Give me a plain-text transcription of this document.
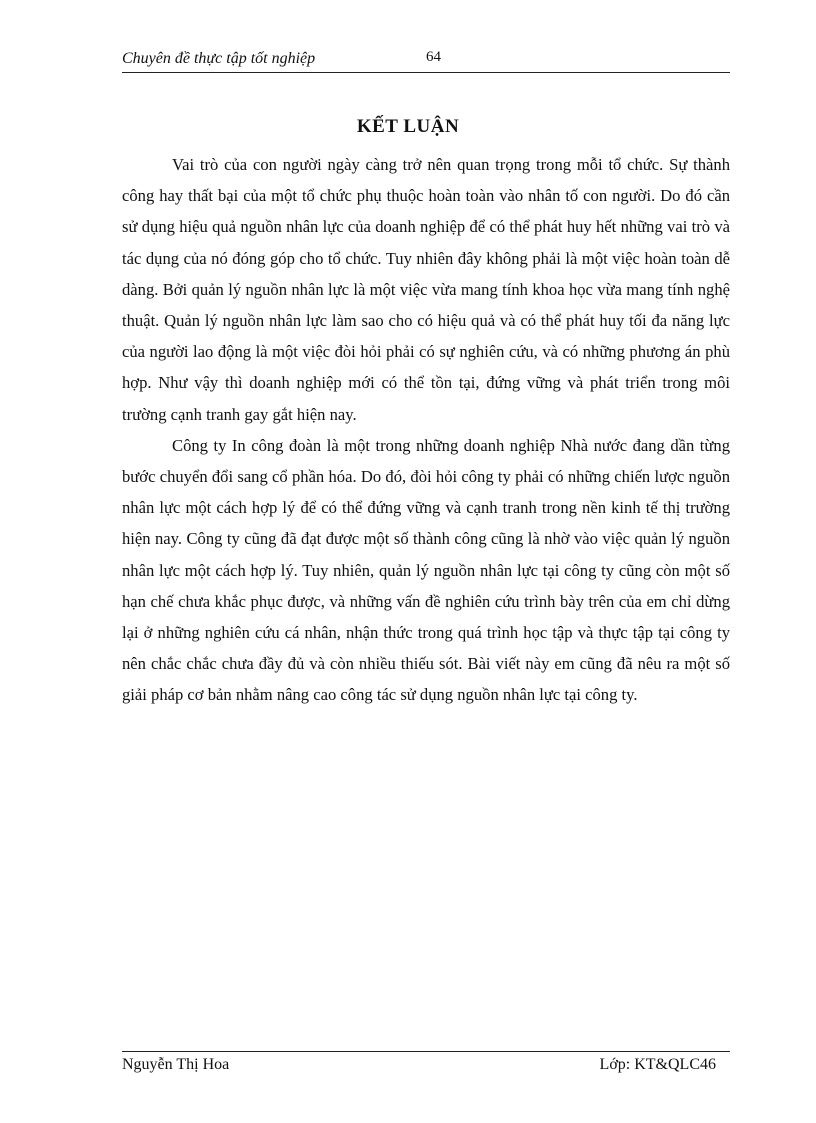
Chuyên đề thực tập tốt nghiệp	64
KẾT LUẬN

Vai trò của con người ngày càng trở nên quan trọng trong mỗi tổ chức. Sự thành công hay thất bại của một tổ chức phụ thuộc hoàn toàn vào nhân tố con người. Do đó cần sử dụng hiệu quả nguồn nhân lực của doanh nghiệp để có thể phát huy hết những vai trò và tác dụng của nó đóng góp cho tổ chức. Tuy nhiên đây không phải là một việc hoàn toàn dễ dàng. Bởi quản lý nguồn nhân lực là một việc vừa mang tính khoa học vừa mang tính nghệ thuật. Quản lý nguồn nhân lực làm sao cho có hiệu quả và có thể phát huy tối đa năng lực của người lao động là một việc đòi hỏi phải có sự nghiên cứu, và có những phương án phù hợp. Như vậy thì doanh nghiệp mới có thể tồn tại, đứng vững và phát triển trong môi trường cạnh tranh gay gắt hiện nay.

Công ty In công đoàn là một trong những doanh nghiệp Nhà nước đang dần từng bước chuyển đổi sang cổ phần hóa. Do đó, đòi hỏi công ty phải có những chiến lược nguồn nhân lực một cách hợp lý để có thể đứng vững và cạnh tranh trong nền kinh tế thị trường hiện nay. Công ty cũng đã đạt được một số thành công cũng là nhờ vào việc quản lý nguồn nhân lực một cách hợp lý. Tuy nhiên, quản lý nguồn nhân lực tại công ty cũng còn một số hạn chế chưa khắc phục được, và những vấn đề nghiên cứu trình bày trên của em chỉ dừng lại ở những nghiên cứu cá nhân, nhận thức trong quá trình học tập và thực tập tại công ty nên chắc chắc chưa đầy đủ và còn nhiều thiếu sót. Bài viết này em cũng đã nêu ra một số giải pháp cơ bản nhằm nâng cao công tác sử dụng nguồn nhân lực tại công ty.

Nguyễn Thị Hoa	Lớp: KT&QLC46
